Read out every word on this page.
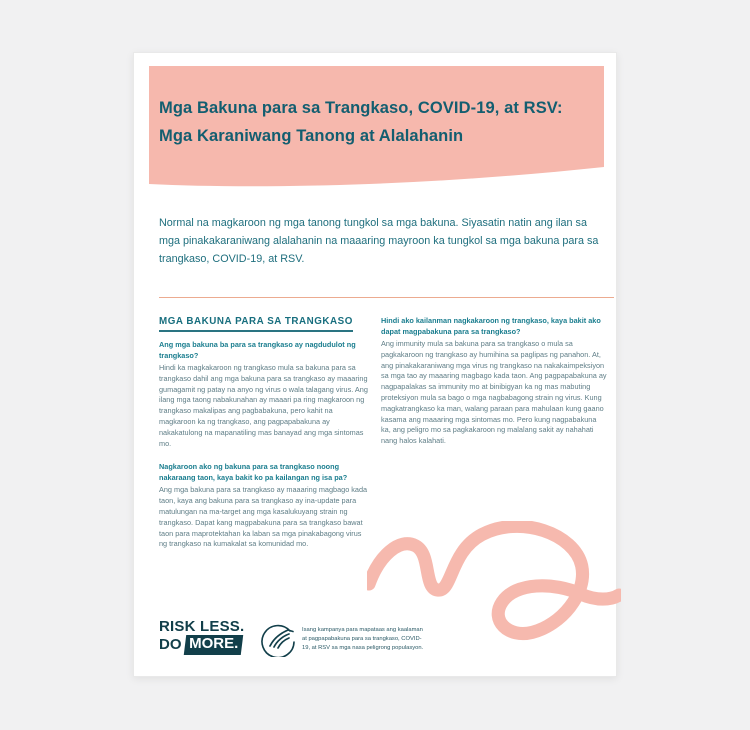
Mga Bakuna para sa Trangkaso, COVID-19, at RSV:
Mga Karaniwang Tanong at Alalahanin

Normal na magkaroon ng mga tanong tungkol sa mga bakuna. Siyasatin natin ang ilan sa mga pinakakaraniwang alalahanin na maaaring mayroon ka tungkol sa mga bakuna para sa trangkaso, COVID-19, at RSV.

MGA BAKUNA PARA SA TRANGKASO
Ang mga bakuna ba para sa trangkaso ay nagdudulot ng trangkaso?

Hindi ka magkakaroon ng trangkaso mula sa bakuna para sa trangkaso dahil ang mga bakuna para sa trangkaso ay maaaring gumagamit ng patay na anyo ng virus o wala talagang virus. Ang ilang mga taong nabakunahan ay maaari pa ring magkaroon ng trangkaso makalipas ang pagbabakuna, pero kahit na magkaroon ka ng trangkaso, ang pagpapabakuna ay nakakatulong na mapanatiling mas banayad ang mga sintomas mo.

Nagkaroon ako ng bakuna para sa trangkaso noong nakaraang taon, kaya bakit ko pa kailangan ng isa pa?

Ang mga bakuna para sa trangkaso ay maaaring magbago kada taon, kaya ang bakuna para sa trangkaso ay ina-update para matulungan na ma-target ang mga kasalukuyang strain ng trangkaso. Dapat kang magpabakuna para sa trangkaso bawat taon para maprotektahan ka laban sa mga pinakabagong virus ng trangkaso na kumakalat sa komunidad mo.

Hindi ako kailanman nagkakaroon ng trangkaso, kaya bakit ako dapat magpabakuna para sa trangkaso?

Ang immunity mula sa bakuna para sa trangkaso o mula sa pagkakaroon ng trangkaso ay humihina sa paglipas ng panahon. At, ang pinakakaraniwang mga virus ng trangkaso na nakakaimpeksiyon sa mga tao ay maaaring magbago kada taon. Ang pagpapabakuna ay nagpapalakas sa immunity mo at binibigyan ka ng mas mabuting proteksiyon mula sa bago o mga nagbabagong strain ng virus. Kung magkatrangkaso ka man, walang paraan para mahulaan kung gaano kasama ang maaaring mga sintomas mo. Pero kung nagpabakuna ka, ang peligro mo sa pagkakaroon ng malalang sakit ay nahahati nang halos kalahati.

RISK LESS.
DO MORE.

Isang kampanya para mapataas ang kaalaman at pagpapabakuna para sa trangkaso, COVID-19, at RSV sa mga nasa peligrong populasyon.
